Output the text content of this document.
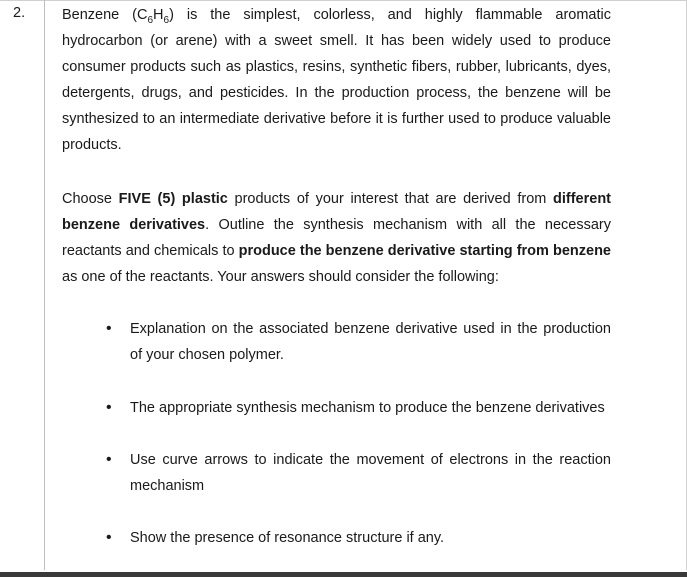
2.	Benzene $(C_6H_6)$ is the simplest, colorless, and highly flammable aromatic hydrocarbon (or arene) with a sweet smell. It has been widely used to produce consumer products such as plastics, resins, synthetic fibers, rubber, lubricants, dyes, detergents, drugs, and pesticides. In the production process, the benzene will be synthesized to an intermediate derivative before it is further used to produce valuable products.
Choose FIVE (5) plastic products of your interest that are derived from different benzene derivatives. Outline the synthesis mechanism with all the necessary reactants and chemicals to produce the benzene derivative starting from benzene as one of the reactants. Your answers should consider the following:
• Explanation on the associated benzene derivative used in the production of your chosen polymer.
• The appropriate synthesis mechanism to produce the benzene derivatives
• Use curve arrows to indicate the movement of electrons in the reaction mechanism
• Show the presence of resonance structure if any.
